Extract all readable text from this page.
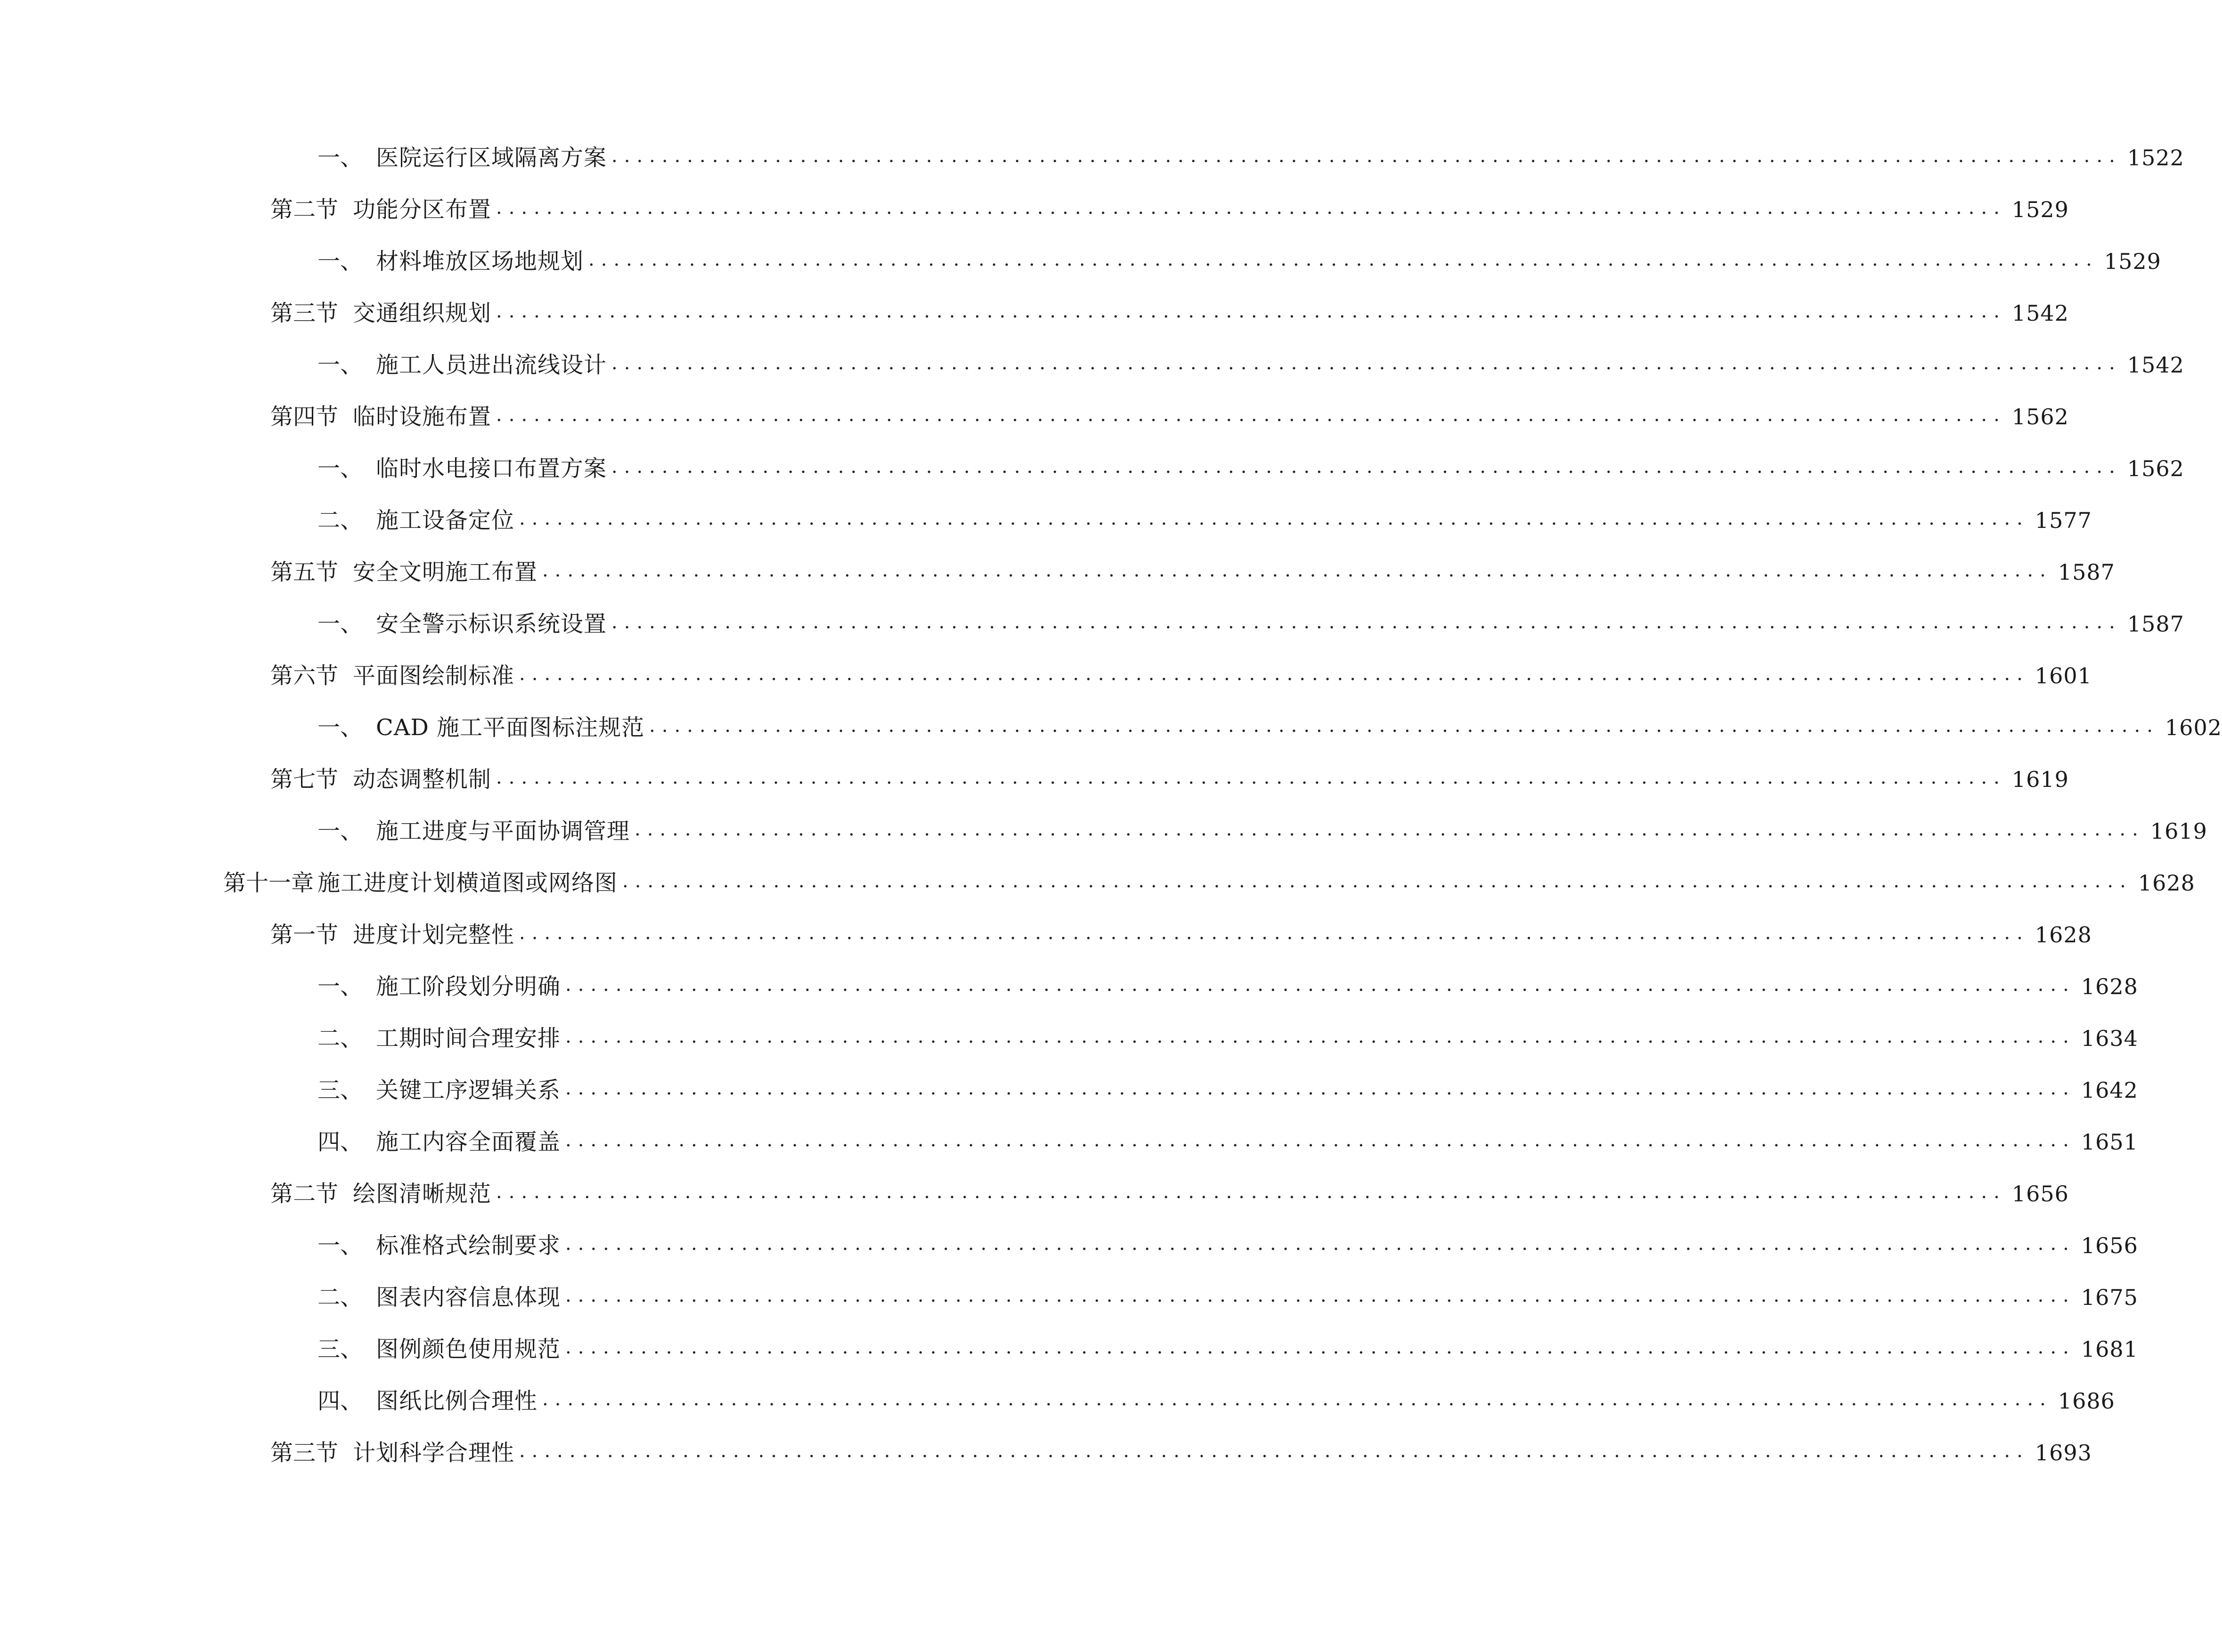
一、 医院运行区域隔离方案 ........................................................................................................................ 1522
第二节 功能分区布置 ........................................................................................................................ 1529
一、 材料堆放区场地规划 ........................................................................................................................ 1529
第三节 交通组织规划 ........................................................................................................................ 1542
一、 施工人员进出流线设计 ........................................................................................................................ 1542
第四节 临时设施布置 ........................................................................................................................ 1562
一、 临时水电接口布置方案 ........................................................................................................................ 1562
二、 施工设备定位 ........................................................................................................................ 1577
第五节 安全文明施工布置 ........................................................................................................................ 1587
一、 安全警示标识系统设置 ........................................................................................................................ 1587
第六节 平面图绘制标准 ........................................................................................................................ 1601
一、 CAD 施工平面图标注规范 ........................................................................................................................ 1602
第七节 动态调整机制 ........................................................................................................................ 1619
一、 施工进度与平面协调管理 ........................................................................................................................ 1619
第十一章 施工进度计划横道图或网络图 ........................................................................................................................ 1628
第一节 进度计划完整性 ........................................................................................................................ 1628
一、 施工阶段划分明确 ........................................................................................................................ 1628
二、 工期时间合理安排 ........................................................................................................................ 1634
三、 关键工序逻辑关系 ........................................................................................................................ 1642
四、 施工内容全面覆盖 ........................................................................................................................ 1651
第二节 绘图清晰规范 ........................................................................................................................ 1656
一、 标准格式绘制要求 ........................................................................................................................ 1656
二、 图表内容信息体现 ........................................................................................................................ 1675
三、 图例颜色使用规范 ........................................................................................................................ 1681
四、 图纸比例合理性 ........................................................................................................................ 1686
第三节 计划科学合理性 ........................................................................................................................ 1693
